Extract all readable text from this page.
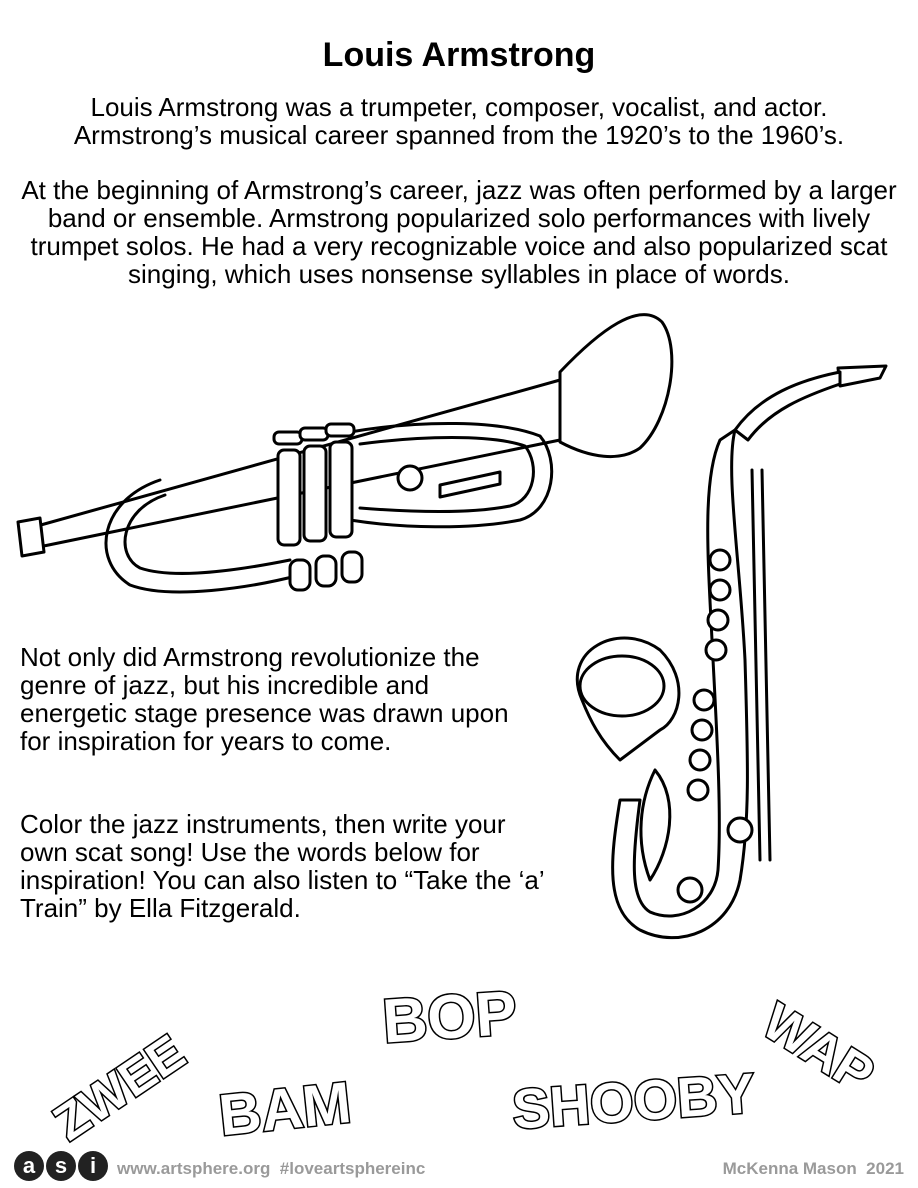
Louis Armstrong

Louis Armstrong was a trumpeter, composer, vocalist, and actor. Armstrong’s musical career spanned from the 1920’s to the 1960’s.

At the beginning of Armstrong’s career, jazz was often performed by a larger band or ensemble. Armstrong popularized solo performances with lively trumpet solos. He had a very recognizable voice and also popularized scat singing, which uses nonsense syllables in place of words.

Not only did Armstrong revolutionize the genre of jazz, but his incredible and energetic stage presence was drawn upon for inspiration for years to come.
Color the jazz instruments, then write your own scat song! Use the words below for inspiration! You can also listen to “Take the ‘a’ Train” by Ella Fitzgerald.
ZWEE BAM
BOP
SHOOBY
WAP
a s	i	www.artsphere.org  #loveartsphereinc	McKenna Mason  2021
